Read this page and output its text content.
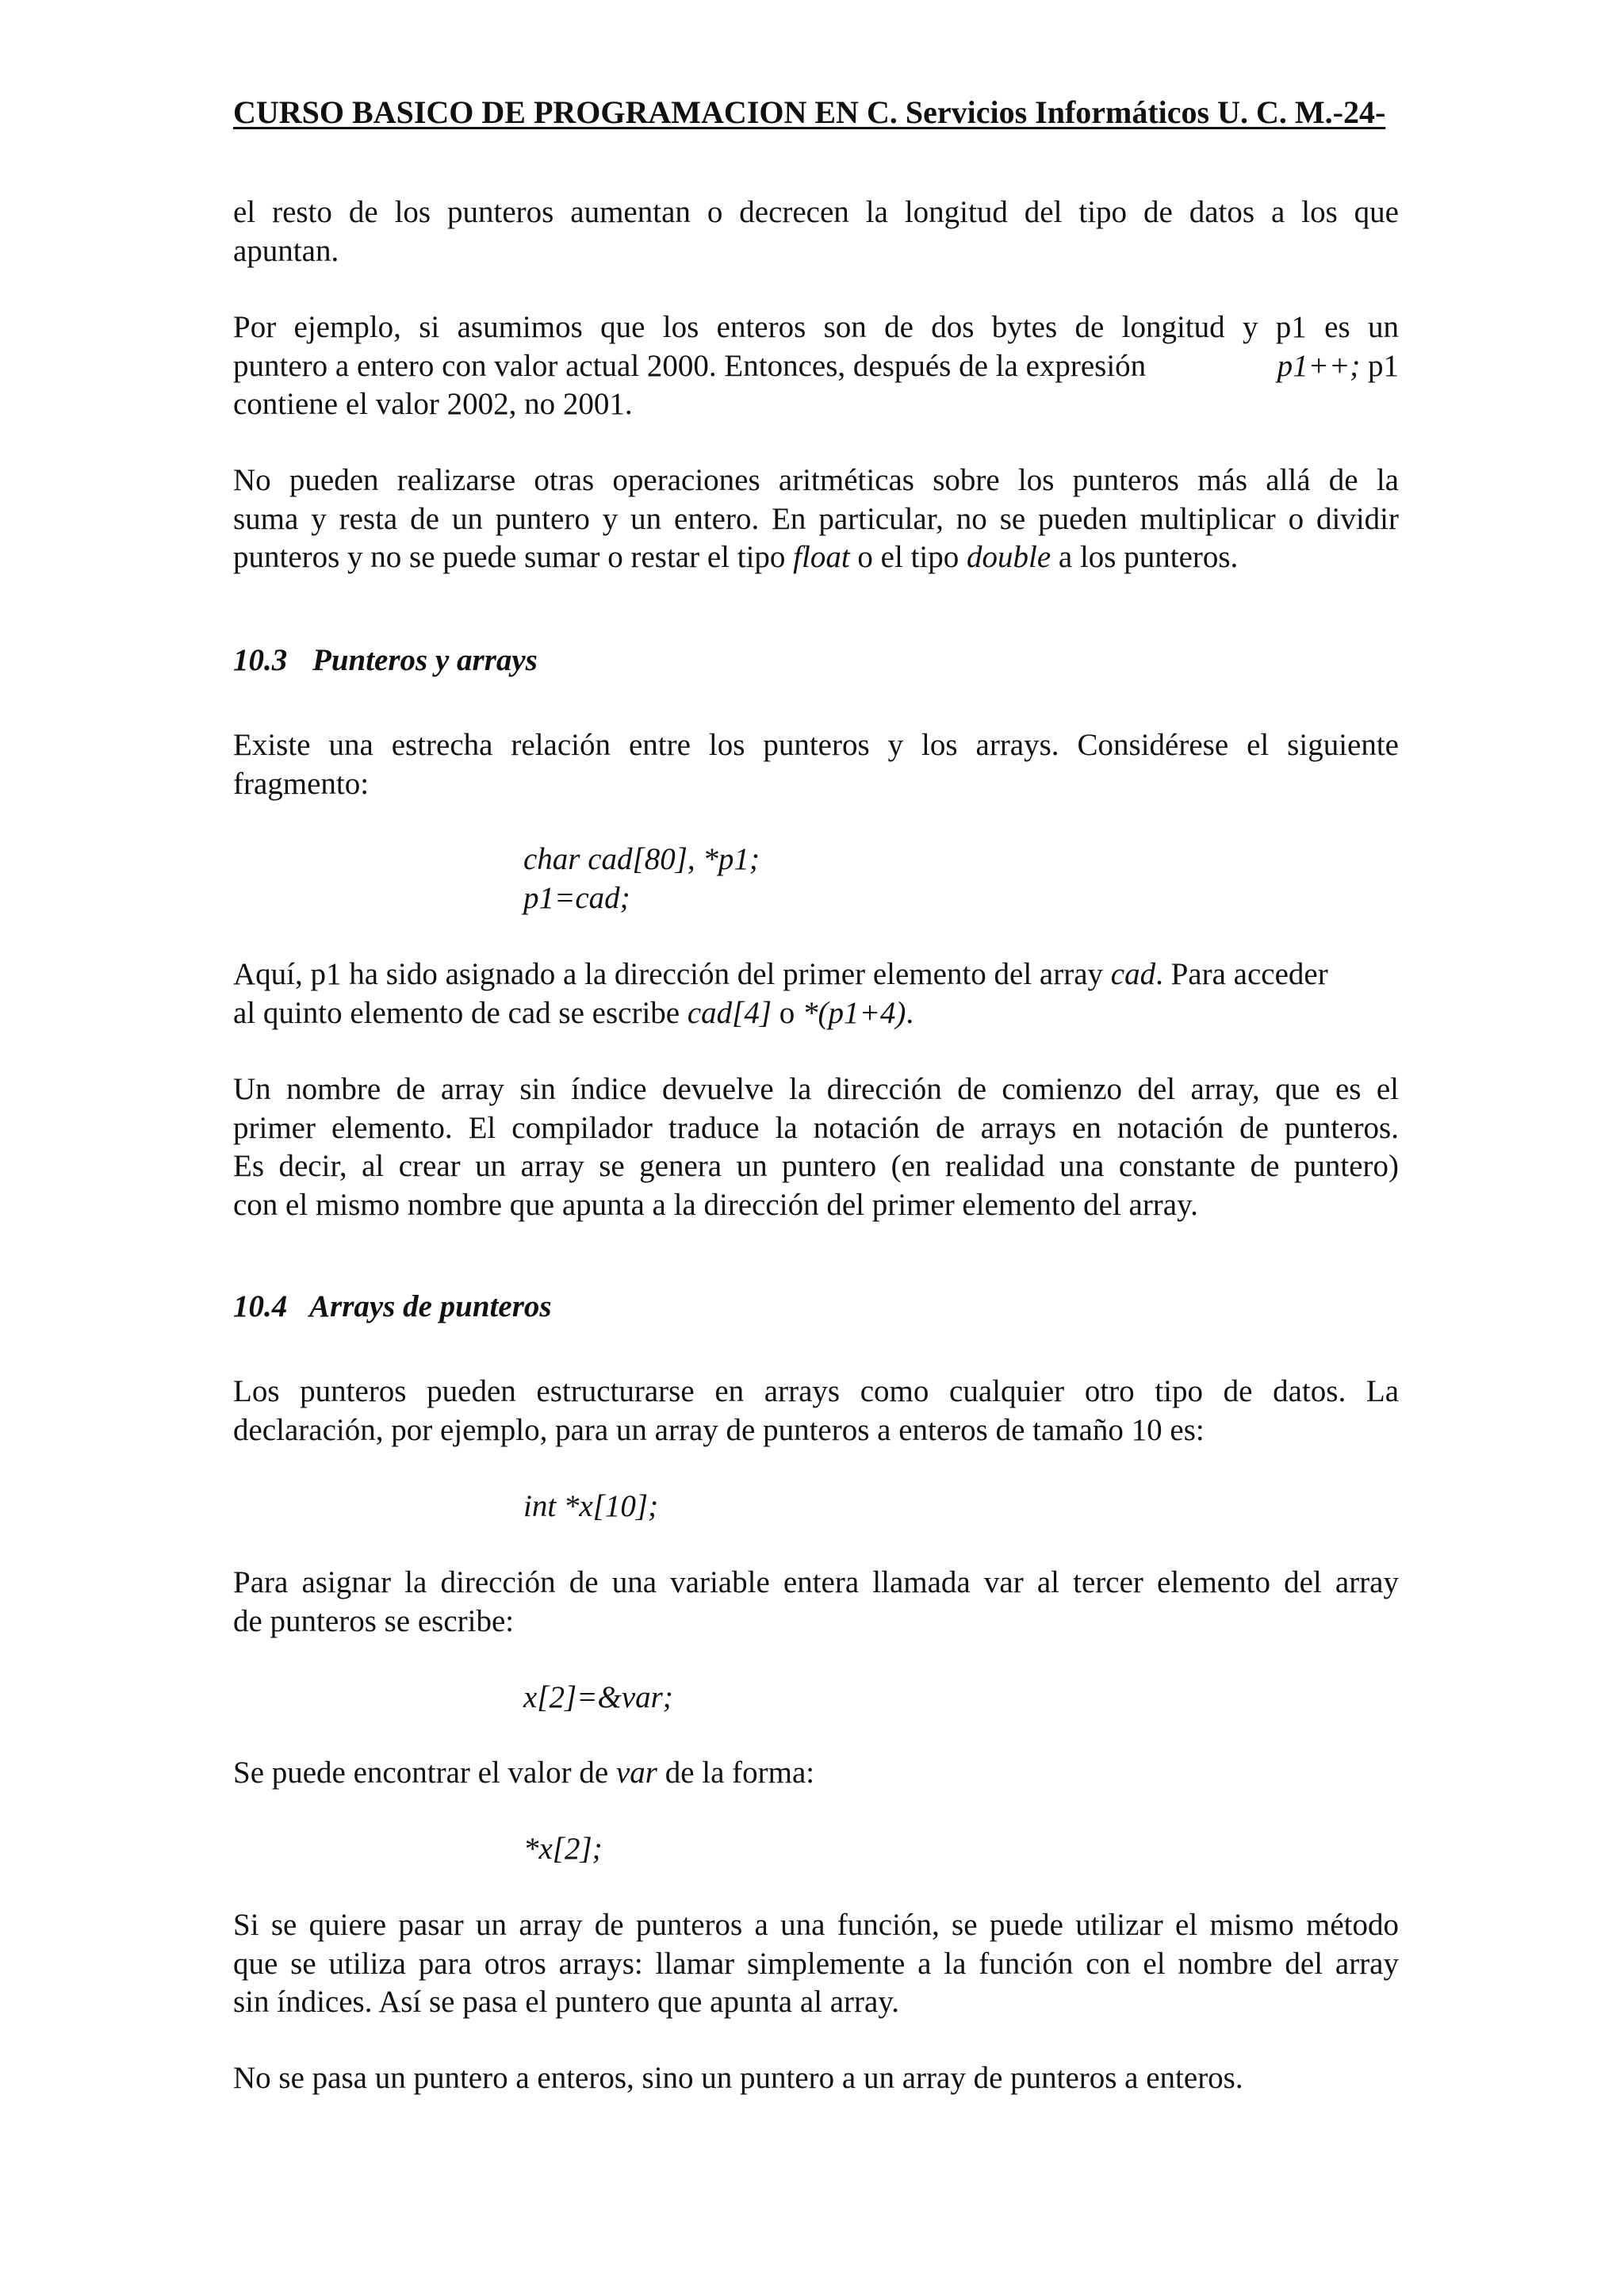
CURSO BASICO DE PROGRAMACION EN C. Servicios Informáticos U. C. M.-24-
el resto de los punteros aumentan o decrecen la longitud del tipo de datos a los que
apuntan.
Por ejemplo, si asumimos que los enteros son de dos bytes de longitud y p1 es un
puntero a entero con valor actual 2000. Entonces, después de la expresión	p1++; p1
contiene el valor 2002, no 2001.
No pueden realizarse otras operaciones aritméticas sobre los punteros más allá de la
suma y resta de un puntero y un entero. En particular, no se pueden multiplicar o dividir
punteros y no se puede sumar o restar el tipo float o el tipo double a los punteros.
10.3 Punteros y arrays
Existe una estrecha relación entre los punteros y los arrays. Considérese el siguiente
fragmento:
char cad[80], *p1;
p1=cad;
Aquí, p1 ha sido asignado a la dirección del primer elemento del array cad. Para acceder
al quinto elemento de cad se escribe cad[4] o *(p1+4).
Un nombre de array sin índice devuelve la dirección de comienzo del array, que es el
primer elemento. El compilador traduce la notación de arrays en notación de punteros.
Es decir, al crear un array se genera un puntero (en realidad una constante de puntero)
con el mismo nombre que apunta a la dirección del primer elemento del array.
10.4 Arrays de punteros
Los punteros pueden estructurarse en arrays como cualquier otro tipo de datos. La
declaración, por ejemplo, para un array de punteros a enteros de tamaño 10 es:
int *x[10];
Para asignar la dirección de una variable entera llamada var al tercer elemento del array
de punteros se escribe:
x[2]=&var;
Se puede encontrar el valor de var de la forma:
*x[2];
Si se quiere pasar un array de punteros a una función, se puede utilizar el mismo método
que se utiliza para otros arrays: llamar simplemente a la función con el nombre del array
sin índices. Así se pasa el puntero que apunta al array.
No se pasa un puntero a enteros, sino un puntero a un array de punteros a enteros.
